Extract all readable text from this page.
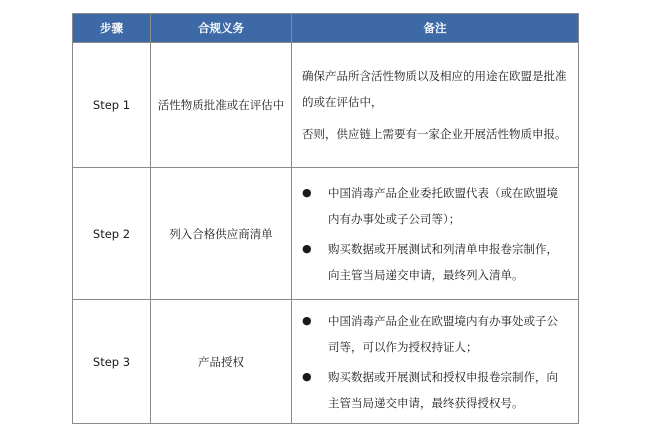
步骤	合规义务	备注
Step 1	活性物质批准或在评估中	确保产品所含活性物质以及相应的用途在欧盟是批准的或在评估中，
否则，供应链上需要有一家企业开展活性物质申报。

Step 2	列入合格供应商清单	● 中国消毒产品企业委托欧盟代表（或在欧盟境内有办事处或子公司等）；
● 购买数据或开展测试和列清单申报卷宗制作，向主管当局递交申请，最终列入清单。

Step 3	产品授权	● 中国消毒产品企业在欧盟境内有办事处或子公司等，可以作为授权持证人；
● 购买数据或开展测试和授权申报卷宗制作，向主管当局递交申请，最终获得授权号。
